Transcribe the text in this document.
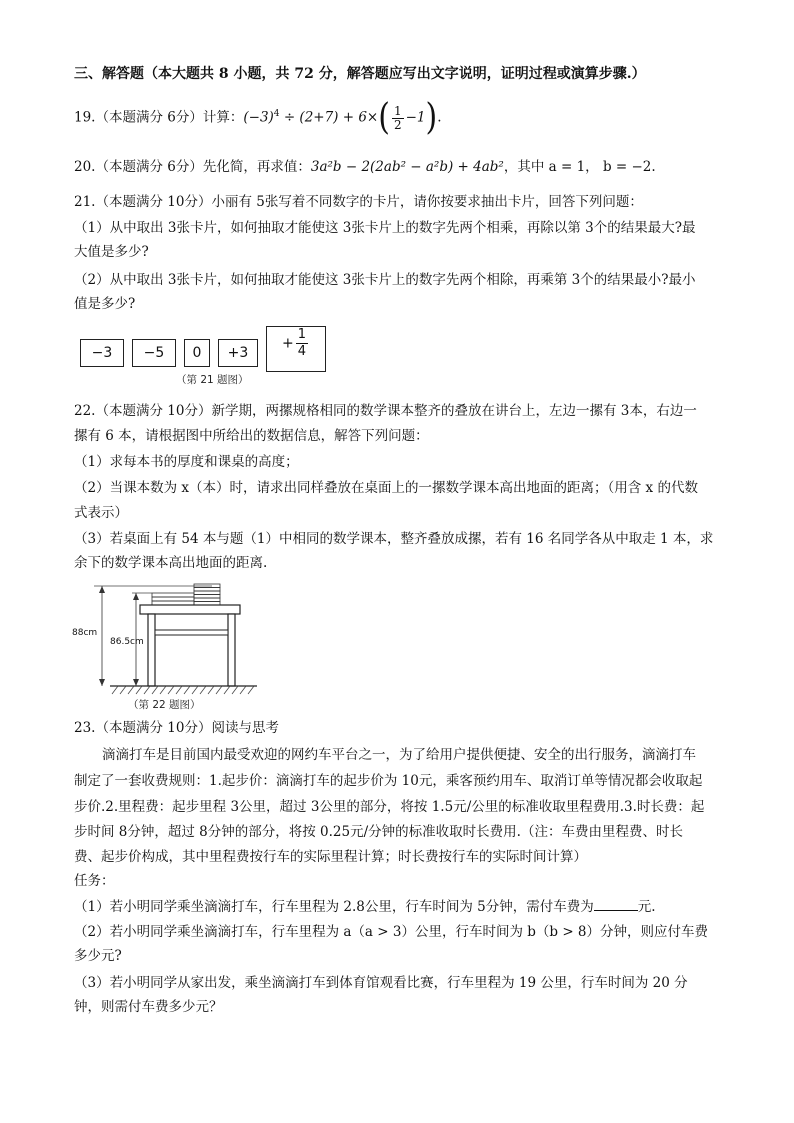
三、解答题（本大题共 8 小题，共 72 分，解答题应写出文字说明，证明过程或演算步骤.）
19.（本题满分 6分）计算：$(-3)^4 \div (2+7) + 6\times( \frac{1}{2} -1)$.
20.（本题满分 6分）先化简，再求值：3a²b − 2(2ab² − a²b) + 4ab²，其中 a = 1， b = −2.
21.（本题满分 10分）小丽有 5张写着不同数字的卡片，请你按要求抽出卡片，回答下列问题：
（1）从中取出 3张卡片，如何抽取才能使这 3张卡片上的数字先两个相乘，再除以第 3个的结果最大?最
大值是多少?
（2）从中取出 3张卡片，如何抽取才能使这 3张卡片上的数字先两个相除，再乘第 3个的结果最小?最小
值是多少?
−3	−5	0	+3
+ $\frac{1}{4}$
（第 21 题图）
22.（本题满分 10分）新学期，两摞规格相同的数学课本整齐的叠放在讲台上，左边一摞有 3本，右边一
摞有 6 本，请根据图中所给出的数据信息，解答下列问题：
（1）求每本书的厚度和课桌的高度；
（2）当课本数为 x（本）时，请求出同样叠放在桌面上的一摞数学课本高出地面的距离；（用含 x 的代数
式表示）
（3）若桌面上有 54 本与题（1）中相同的数学课本，整齐叠放成摞，若有 16 名同学各从中取走 1 本，求
余下的数学课本高出地面的距离.
88cm
86.5cm
（第 22 题图）
23.（本题满分 10分）阅读与思考
滴滴打车是目前国内最受欢迎的网约车平台之一，为了给用户提供便捷、安全的出行服务，滴滴打车
制定了一套收费规则：1.起步价：滴滴打车的起步价为 10元，乘客预约用车、取消订单等情况都会收取起
步价.2.里程费：起步里程 3公里，超过 3公里的部分，将按 1.5元/公里的标准收取里程费用.3.时长费：起
步时间 8分钟，超过 8分钟的部分，将按 0.25元/分钟的标准收取时长费用.（注：车费由里程费、时长
费、起步价构成，其中里程费按行车的实际里程计算；时长费按行车的实际时间计算）
任务：
（1）若小明同学乘坐滴滴打车，行车里程为 2.8公里，行车时间为 5分钟，需付车费为	元.
（2）若小明同学乘坐滴滴打车，行车里程为 a（a > 3）公里，行车时间为 b（b > 8）分钟，则应付车费
多少元?
（3）若小明同学从家出发，乘坐滴滴打车到体育馆观看比赛，行车里程为 19 公里，行车时间为 20 分
钟，则需付车费多少元？
